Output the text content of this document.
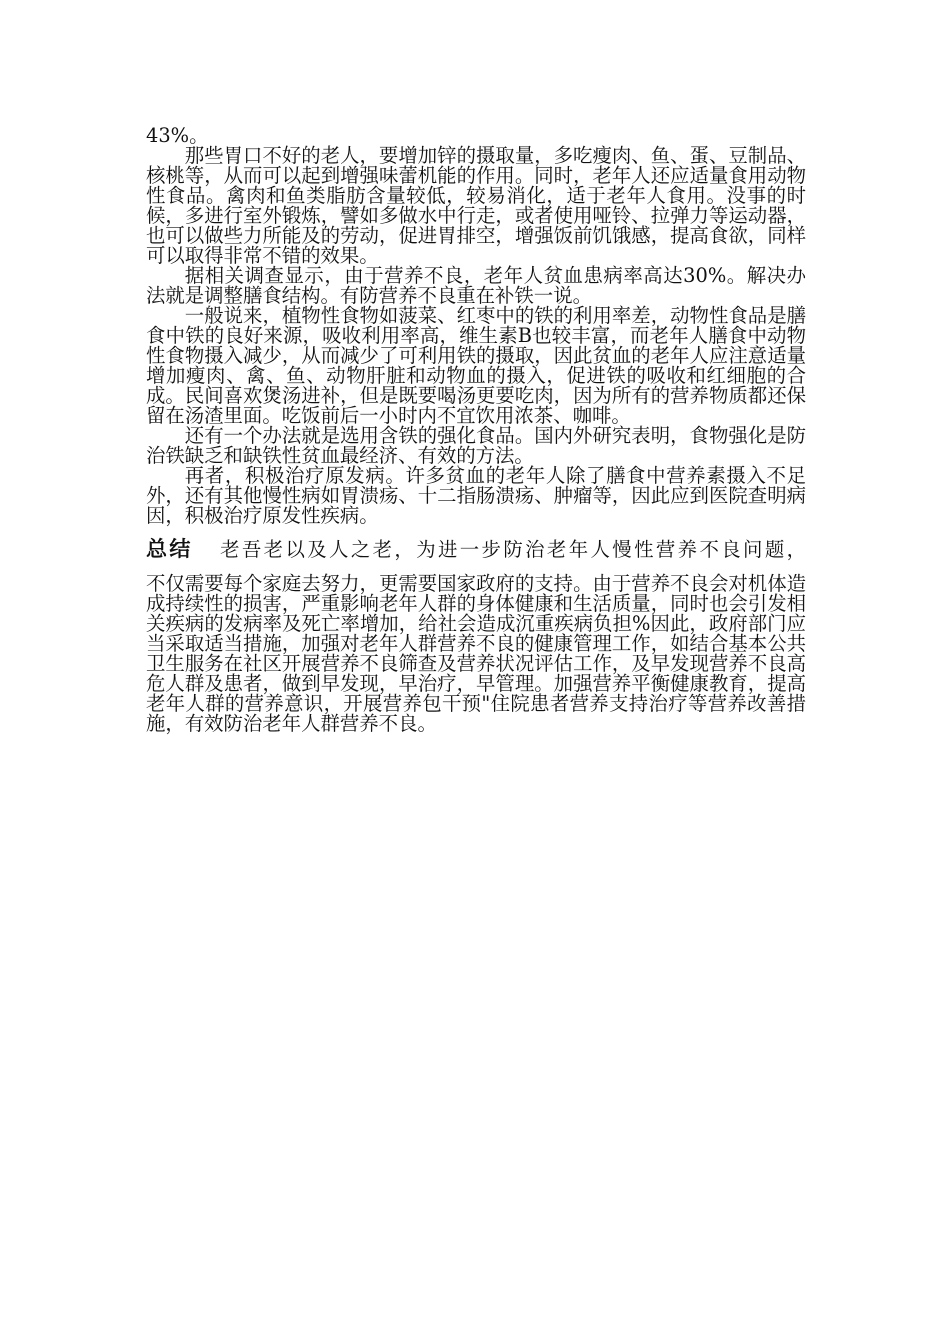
43%。

那些胃口不好的老人，要增加锌的摄取量，多吃瘦肉、鱼、蛋、豆制品、核桃等，从而可以起到增强味蕾机能的作用。同时，老年人还应适量食用动物性食品。禽肉和鱼类脂肪含量较低，较易消化，适于老年人食用。没事的时候，多进行室外锻炼，譬如多做水中行走，或者使用哑铃、拉弹力等运动器，也可以做些力所能及的劳动，促进胃排空，增强饭前饥饿感，提高食欲，同样可以取得非常不错的效果。

据相关调查显示，由于营养不良，老年人贫血患病率高达30%。解决办法就是调整膳食结构。有防营养不良重在补铁一说。

一般说来，植物性食物如菠菜、红枣中的铁的利用率差，动物性食品是膳食中铁的良好来源，吸收利用率高，维生素B也较丰富，而老年人膳食中动物性食物摄入减少，从而减少了可利用铁的摄取，因此贫血的老年人应注意适量增加瘦肉、禽、鱼、动物肝脏和动物血的摄入，促进铁的吸收和红细胞的合成。民间喜欢煲汤进补，但是既要喝汤更要吃肉，因为所有的营养物质都还保留在汤渣里面。吃饭前后一小时内不宜饮用浓茶、咖啡。

还有一个办法就是选用含铁的强化食品。国内外研究表明，食物强化是防治铁缺乏和缺铁性贫血最经济、有效的方法。

再者，积极治疗原发病。许多贫血的老年人除了膳食中营养素摄入不足外，还有其他慢性病如胃溃疡、十二指肠溃疡、肿瘤等，因此应到医院查明病因，积极治疗原发性疾病。

总结 老吾老以及人之老，为进一步防治老年人慢性营养不良问题，
不仅需要每个家庭去努力，更需要国家政府的支持。由于营养不良会对机体造成持续性的损害，严重影响老年人群的身体健康和生活质量，同时也会引发相关疾病的发病率及死亡率增加，给社会造成沉重疾病负担%因此，政府部门应当采取适当措施，加强对老年人群营养不良的健康管理工作，如结合基本公共卫生服务在社区开展营养不良筛查及营养状况评估工作，及早发现营养不良高危人群及患者，做到早发现，早治疗，早管理。加强营养平衡健康教育，提高老年人群的营养意识，开展营养包干预"住院患者营养支持治疗等营养改善措施，有效防治老年人群营养不良。
